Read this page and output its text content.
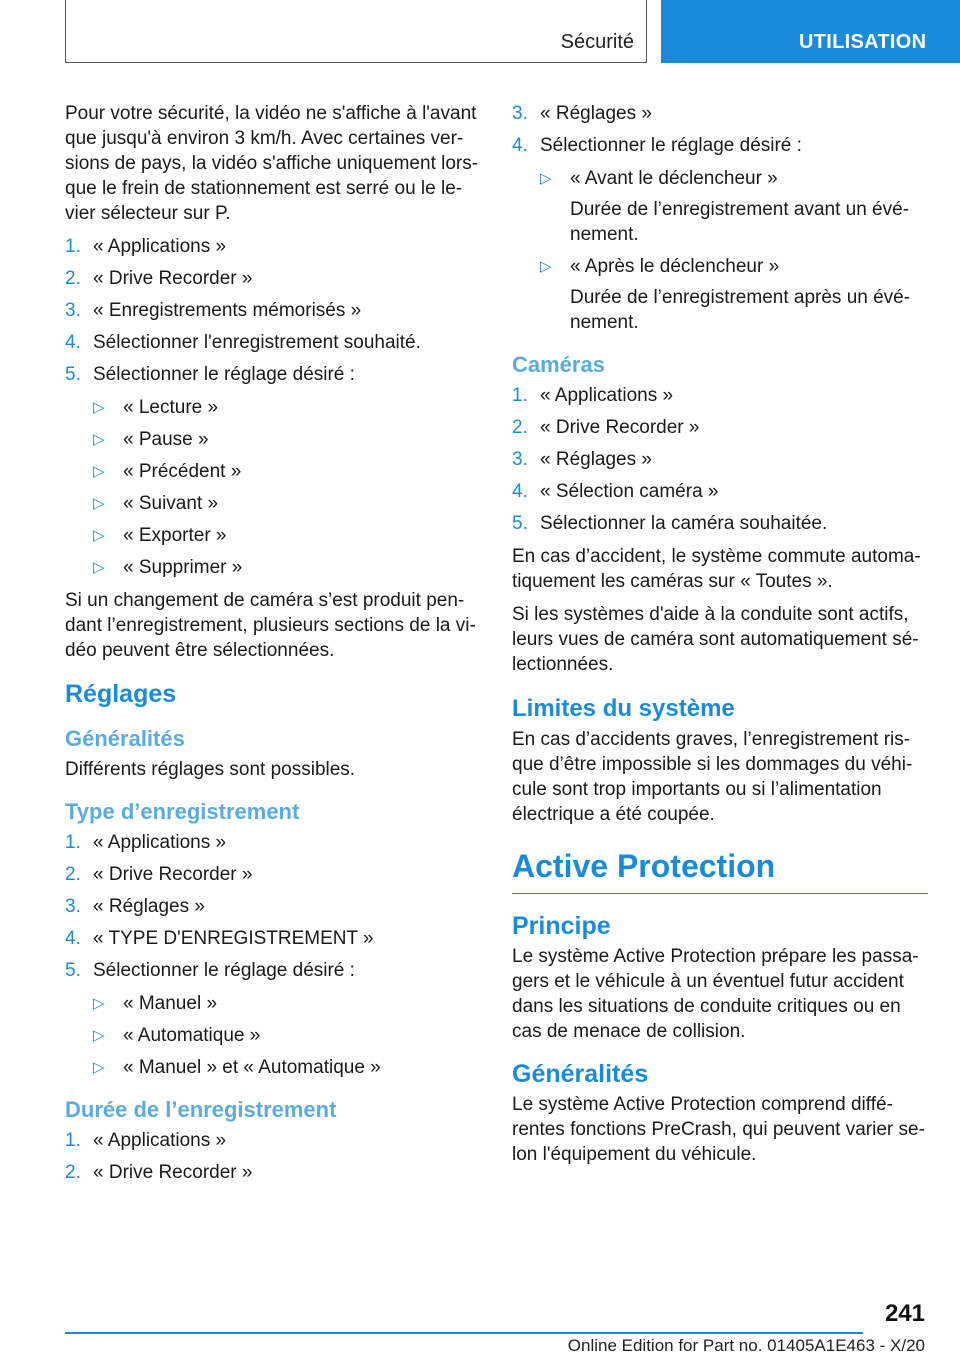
Sécurité	UTILISATION

Pour votre sécurité, la vidéo ne s'affiche à l'avant que jusqu'à environ 3 km/h. Avec certaines versions de pays, la vidéo s'affiche uniquement lorsque le frein de stationnement est serré ou le levier sélecteur sur P.

1. « Applications »
2. « Drive Recorder »
3. « Enregistrements mémorisés »
4. Sélectionner l'enregistrement souhaité.
5. Sélectionner le réglage désiré :
▷ « Lecture »
▷ « Pause »
▷ « Précédent »
▷ « Suivant »
▷ « Exporter »
▷ « Supprimer »

Si un changement de caméra s’est produit pendant l’enregistrement, plusieurs sections de la vidéo peuvent être sélectionnées.

Réglages
Généralités

Différents réglages sont possibles.

Type d’enregistrement
1. « Applications »
2. « Drive Recorder »
3. « Réglages »
4. « TYPE D'ENREGISTREMENT »
5. Sélectionner le réglage désiré :
▷ « Manuel »
▷ « Automatique »
▷ « Manuel » et « Automatique »
Durée de l’enregistrement
1. « Applications »
2. « Drive Recorder »
3. « Réglages »
4. Sélectionner le réglage désiré :
▷ « Avant le déclencheur »
Durée de l’enregistrement avant un événement.
▷ « Après le déclencheur »
Durée de l’enregistrement après un événement.
Caméras
1. « Applications »
2. « Drive Recorder »
3. « Réglages »
4. « Sélection caméra »
5. Sélectionner la caméra souhaitée.

En cas d’accident, le système commute automatiquement les caméras sur « Toutes ».

Si les systèmes d'aide à la conduite sont actifs, leurs vues de caméra sont automatiquement sélectionnées.

Limites du système

En cas d’accidents graves, l’enregistrement risque d’être impossible si les dommages du véhicule sont trop importants ou si l’alimentation électrique a été coupée.

Active Protection
Principe

Le système Active Protection prépare les passagers et le véhicule à un éventuel futur accident dans les situations de conduite critiques ou en cas de menace de collision.

Généralités

Le système Active Protection comprend différentes fonctions PreCrash, qui peuvent varier selon l'équipement du véhicule.

241
Online Edition for Part no. 01405A1E463 - X/20
